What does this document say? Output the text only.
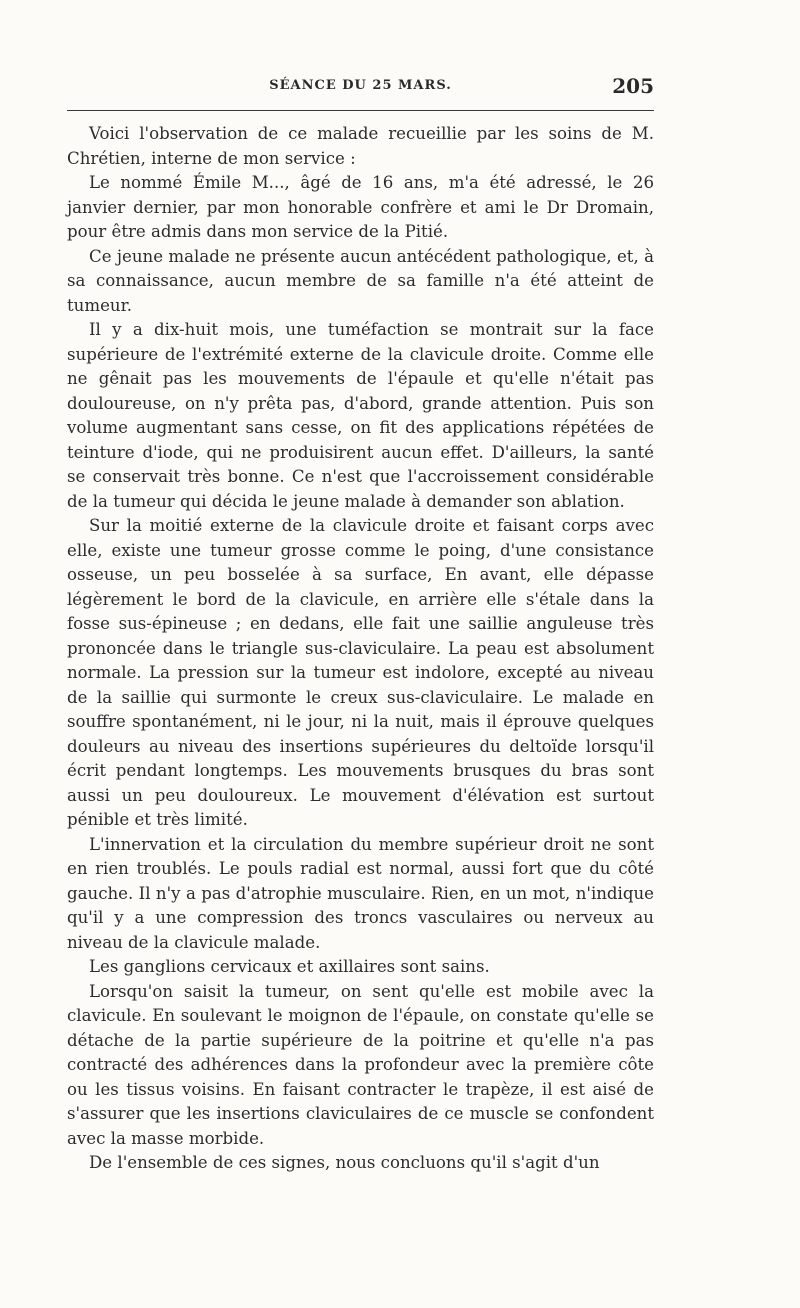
SÉANCE DU 25 MARS.	205

Voici l'observation de ce malade recueillie par les soins de M. Chrétien, interne de mon service :

Le nommé Émile M..., âgé de 16 ans, m'a été adressé, le 26 janvier dernier, par mon honorable confrère et ami le Dr Dromain, pour être admis dans mon service de la Pitié.

Ce jeune malade ne présente aucun antécédent pathologique, et, à sa connaissance, aucun membre de sa famille n'a été atteint de tumeur.

Il y a dix-huit mois, une tuméfaction se montrait sur la face supérieure de l'extrémité externe de la clavicule droite. Comme elle ne gênait pas les mouvements de l'épaule et qu'elle n'était pas douloureuse, on n'y prêta pas, d'abord, grande attention. Puis son volume augmentant sans cesse, on fit des applications répétées de teinture d'iode, qui ne produisirent aucun effet. D'ailleurs, la santé se conservait très bonne. Ce n'est que l'accroissement considérable de la tumeur qui décida le jeune malade à demander son ablation.

Sur la moitié externe de la clavicule droite et faisant corps avec elle, existe une tumeur grosse comme le poing, d'une consistance osseuse, un peu bosselée à sa surface, En avant, elle dépasse légèrement le bord de la clavicule, en arrière elle s'étale dans la fosse sus-épineuse ; en dedans, elle fait une saillie anguleuse très prononcée dans le triangle sus-claviculaire. La peau est absolument normale. La pression sur la tumeur est indolore, excepté au niveau de la saillie qui surmonte le creux sus-claviculaire. Le malade en souffre spontanément, ni le jour, ni la nuit, mais il éprouve quelques douleurs au niveau des insertions supérieures du deltoïde lorsqu'il écrit pendant longtemps. Les mouvements brusques du bras sont aussi un peu douloureux. Le mouvement d'élévation est surtout pénible et très limité.

L'innervation et la circulation du membre supérieur droit ne sont en rien troublés. Le pouls radial est normal, aussi fort que du côté gauche. Il n'y a pas d'atrophie musculaire. Rien, en un mot, n'indique qu'il y a une compression des troncs vasculaires ou nerveux au niveau de la clavicule malade.

Les ganglions cervicaux et axillaires sont sains.

Lorsqu'on saisit la tumeur, on sent qu'elle est mobile avec la clavicule. En soulevant le moignon de l'épaule, on constate qu'elle se détache de la partie supérieure de la poitrine et qu'elle n'a pas contracté des adhérences dans la profondeur avec la première côte ou les tissus voisins. En faisant contracter le trapèze, il est aisé de s'assurer que les insertions claviculaires de ce muscle se confondent avec la masse morbide.

De l'ensemble de ces signes, nous concluons qu'il s'agit d'un
